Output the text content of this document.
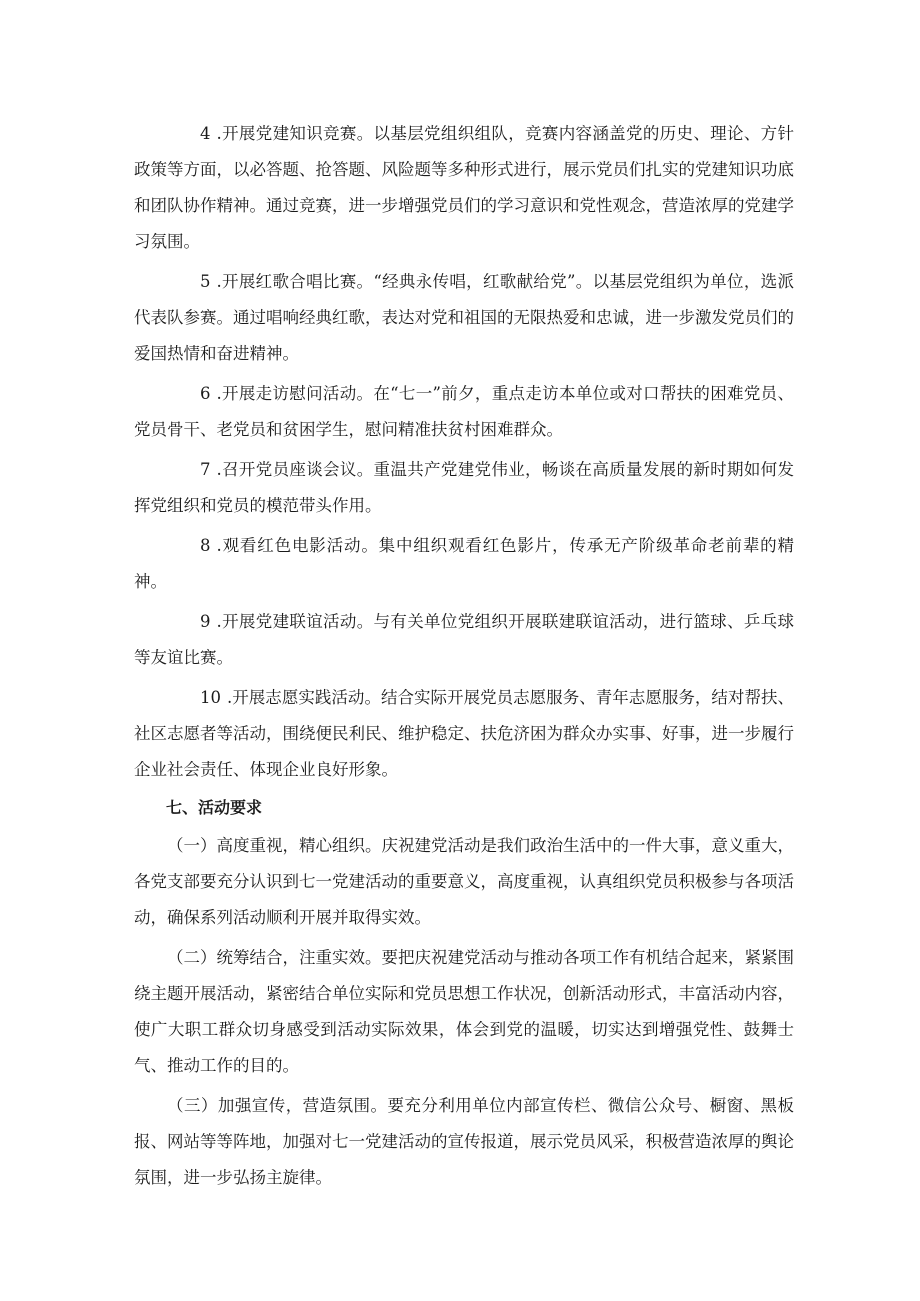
4 .开展党建知识竞赛。以基层党组织组队，竞赛内容涵盖党的历史、理论、方针政策等方面，以必答题、抢答题、风险题等多种形式进行，展示党员们扎实的党建知识功底和团队协作精神。通过竞赛，进一步增强党员们的学习意识和党性观念，营造浓厚的党建学习氛围。

5 .开展红歌合唱比赛。“经典永传唱，红歌献给党”。以基层党组织为单位，选派代表队参赛。通过唱响经典红歌，表达对党和祖国的无限热爱和忠诚，进一步激发党员们的爱国热情和奋进精神。

6 .开展走访慰问活动。在“七一”前夕，重点走访本单位或对口帮扶的困难党员、党员骨干、老党员和贫困学生，慰问精准扶贫村困难群众。

7 .召开党员座谈会议。重温共产党建党伟业，畅谈在高质量发展的新时期如何发挥党组织和党员的模范带头作用。

8 .观看红色电影活动。集中组织观看红色影片，传承无产阶级革命老前辈的精神。

9 .开展党建联谊活动。与有关单位党组织开展联建联谊活动，进行篮球、乒乓球等友谊比赛。

10 .开展志愿实践活动。结合实际开展党员志愿服务、青年志愿服务，结对帮扶、社区志愿者等活动，围绕便民利民、维护稳定、扶危济困为群众办实事、好事，进一步履行企业社会责任、体现企业良好形象。

七、活动要求

（一）高度重视，精心组织。庆祝建党活动是我们政治生活中的一件大事，意义重大，各党支部要充分认识到七一党建活动的重要意义，高度重视，认真组织党员积极参与各项活动，确保系列活动顺利开展并取得实效。

（二）统筹结合，注重实效。要把庆祝建党活动与推动各项工作有机结合起来，紧紧围绕主题开展活动，紧密结合单位实际和党员思想工作状况，创新活动形式，丰富活动内容，使广大职工群众切身感受到活动实际效果，体会到党的温暖，切实达到增强党性、鼓舞士气、推动工作的目的。

（三）加强宣传，营造氛围。要充分利用单位内部宣传栏、微信公众号、橱窗、黑板报、网站等等阵地，加强对七一党建活动的宣传报道，展示党员风采，积极营造浓厚的舆论氛围，进一步弘扬主旋律。
